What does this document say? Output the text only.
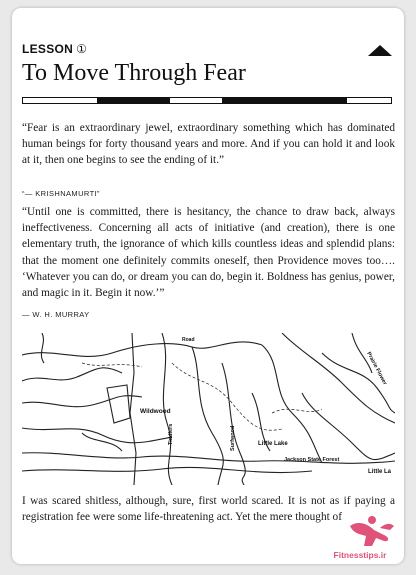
LESSON ①
To Move Through Fear

“Fear is an extraordinary jewel, extraordinary something which has dominated human beings for forty thousand years and more. And if you can hold it and look at it, then one begins to see the ending of it.”

“— KRISHNAMURTI”

“Until one is committed, there is hesitancy, the chance to draw back, always ineffectiveness. Concerning all acts of initiative (and creation), there is one elementary truth, the ignorance of which kills countless ideas and splendid plans: that the moment one definitely commits oneself, then Providence moves too…. ‘Whatever you can do, or dream you can do, begin it. Boldness has genius, power, and magic in it. Begin it now.’”

— W. H. MURRAY
Wildwood
Road
Tiddlers	Surfwood	Little Lake
Jackson State Forest
Little La
Prairie Flower

I was scared shitless, although, sure, first world scared. It is not as if paying a registration fee were some life-threatening act. Yet the mere thought of

Fitnesstips.ir
